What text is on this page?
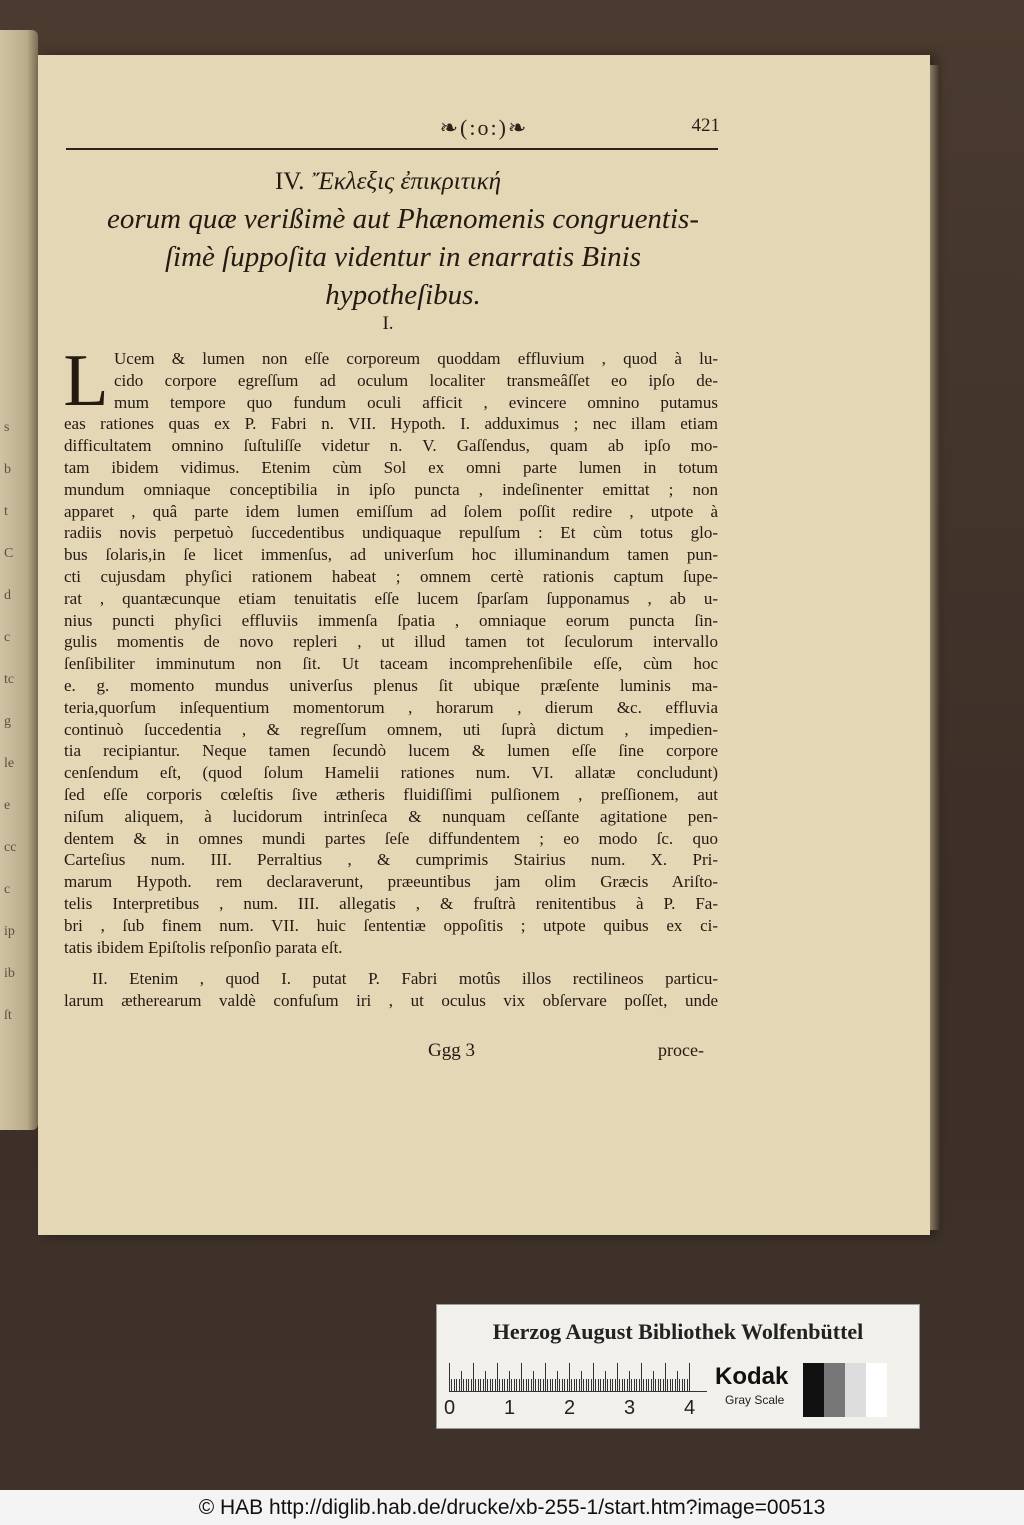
s
b
t
C
d
c
tc
g
le
e
cc
c
ip
ib
ſt
❧(:o:)❧	421
IV. Ἔκλεξις ἐπικριτική
eorum quæ verißimè aut Phænomenis congruentis-
ſimè ſuppoſita videntur in enarratis Binis
hypotheſibus.
I.
L Ucem & lumen non eſſe corporeum quoddam effluvium , quod à lu-
cido corpore egreſſum ad oculum localiter transmeâſſet eo ipſo de-
mum tempore quo fundum oculi afficit , evincere omnino putamus
eas rationes quas ex P. Fabri n. VII. Hypoth. I. adduximus ; nec illam etiam
difficultatem omnino ſuſtuliſſe videtur n. V. Gaſſendus, quam ab ipſo mo-
tam ibidem vidimus. Etenim cùm Sol ex omni parte lumen in totum
mundum omniaque conceptibilia in ipſo puncta , indeſinenter emittat ; non
apparet , quâ parte idem lumen emiſſum ad ſolem poſſit redire , utpote à
radiis novis perpetuò ſuccedentibus undiquaque repulſum : Et cùm totus glo-
bus ſolaris,in ſe licet immenſus, ad univerſum hoc illuminandum tamen pun-
cti cujusdam phyſici rationem habeat ; omnem certè rationis captum ſupe-
rat , quantæcunque etiam tenuitatis eſſe lucem ſparſam ſupponamus , ab u-
nius puncti phyſici effluviis immenſa ſpatia , omniaque eorum puncta ſin-
gulis momentis de novo repleri , ut illud tamen tot ſeculorum intervallo
ſenſibiliter imminutum non ſit. Ut taceam incomprehenſibile eſſe, cùm hoc
e. g. momento mundus univerſus plenus ſit ubique præſente luminis ma-
teria,quorſum inſequentium momentorum , horarum , dierum &c. effluvia
continuò ſuccedentia , & regreſſum omnem, uti ſuprà dictum , impedien-
tia recipiantur. Neque tamen ſecundò lucem & lumen eſſe ſine corpore
cenſendum eſt, (quod ſolum Hamelii rationes num. VI. allatæ concludunt)
ſed eſſe corporis cœleſtis ſive ætheris fluidiſſimi pulſionem , preſſionem, aut
niſum aliquem, à lucidorum intrinſeca & nunquam ceſſante agitatione pen-
dentem & in omnes mundi partes ſeſe diffundentem ; eo modo ſc. quo
Carteſius num. III. Perraltius , & cumprimis Stairius num. X. Pri-
marum Hypoth. rem declaraverunt, præeuntibus jam olim Græcis Ariſto-
telis Interpretibus , num. III. allegatis , & fruſtrà renitentibus à P. Fa-
bri , ſub finem num. VII. huic ſententiæ oppoſitis ; utpote quibus ex ci-
tatis ibidem Epiſtolis reſponſio parata eſt.
II. Etenim , quod I. putat P. Fabri motûs illos rectilineos particu-
larum ætherearum valdè confuſum iri , ut oculus vix obſervare poſſet, unde
Ggg 3	proce-
Herzog August Bibliothek Wolfenbüttel
0 1 2 3 4
Kodak
Gray Scale
© HAB http://diglib.hab.de/drucke/xb-255-1/start.htm?image=00513
